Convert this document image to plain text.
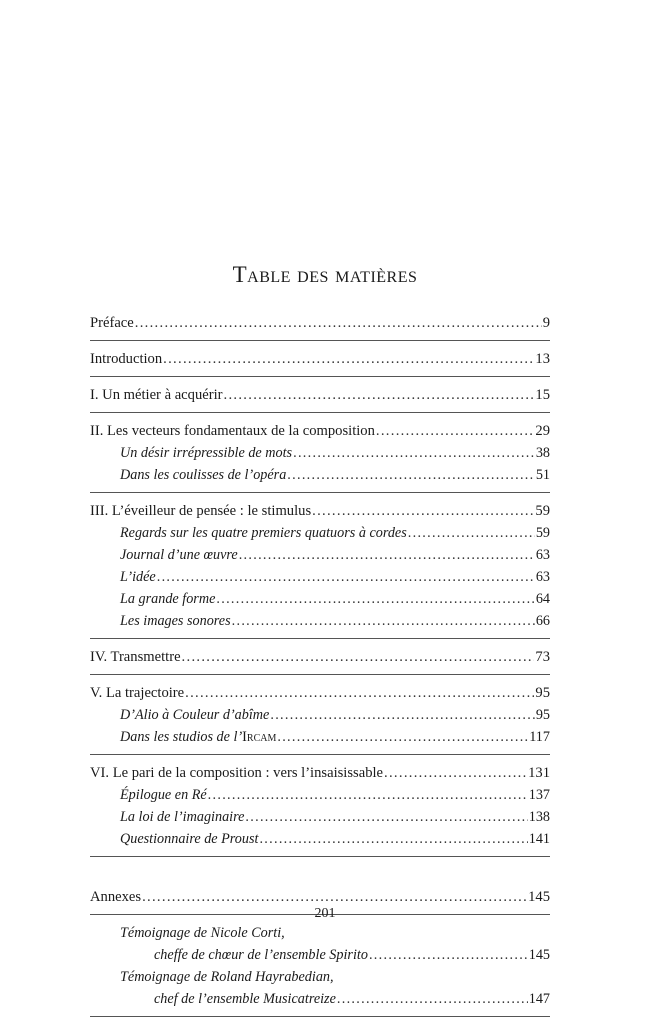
Table des matières
Préface .....	9
Introduction .....	13
I. Un métier à acquérir .....	15
II. Les vecteurs fondamentaux de la composition .....	29
Un désir irrépressible de mots .....	38
Dans les coulisses de l’opéra .....	51
III. L’éveilleur de pensée : le stimulus .....	59
Regards sur les quatre premiers quatuors à cordes .....	59
Journal d’une œuvre .....	63
L’idée .....	63
La grande forme .....	64
Les images sonores .....	66
IV. Transmettre .....	73
V. La trajectoire .....	95
D’Alio à Couleur d’abîme .....	95
Dans les studios de l’Ircam .....	117
VI. Le pari de la composition : vers l’insaisissable .....	131
Épilogue en Ré .....	137
La loi de l’imaginaire .....	138
Questionnaire de Proust .....	141
Annexes .....	145
Témoignage de Nicole Corti,
cheffe de chœur de l’ensemble Spirito .....	145
Témoignage de Roland Hayrabedian,
chef de l’ensemble Musicatreize .....	147
201
